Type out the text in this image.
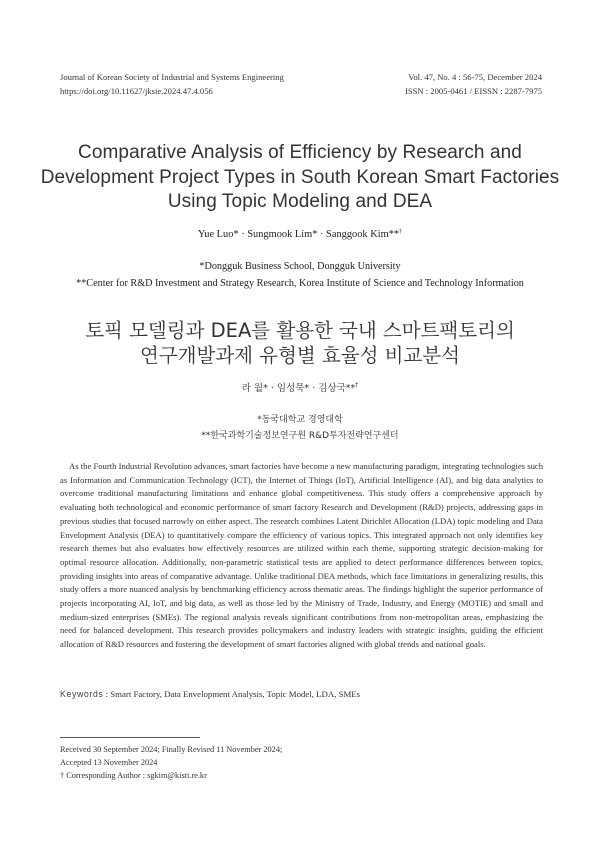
Journal of Korean Society of Industrial and Systems Engineering
https://doi.org/10.11627/jksie.2024.47.4.056
Vol. 47, No. 4 : 56-75, December 2024
ISSN : 2005-0461 / EISSN : 2287-7975
Comparative Analysis of Efficiency by Research and
Development Project Types in South Korean Smart Factories
Using Topic Modeling and DEA
Yue Luo* · Sungmook Lim* · Sanggook Kim**†
*Dongguk Business School, Dongguk University
**Center for R&D Investment and Strategy Research, Korea Institute of Science and Technology Information
토픽 모델링과 DEA를 활용한 국내 스마트팩토리의
연구개발과제 유형별 효율성 비교분석
라 월* · 임성묵* · 김상국**†
*동국대학교 경영대학
**한국과학기술정보연구원 R&D투자전략연구센터

As the Fourth Industrial Revolution advances, smart factories have become a new manufacturing paradigm, integrating technologies such as Information and Communication Technology (ICT), the Internet of Things (IoT), Artificial Intelligence (AI), and big data analytics to overcome traditional manufacturing limitations and enhance global competitiveness. This study offers a comprehensive approach by evaluating both technological and economic performance of smart factory Research and Development (R&D) projects, addressing gaps in previous studies that focused narrowly on either aspect. The research combines Latent Dirichlet Allocation (LDA) topic modeling and Data Envelopment Analysis (DEA) to quantitatively compare the efficiency of various topics. This integrated approach not only identifies key research themes but also evaluates how effectively resources are utilized within each theme, supporting strategic decision-making for optimal resource allocation. Additionally, non-parametric statistical tests are applied to detect performance differences between topics, providing insights into areas of comparative advantage. Unlike traditional DEA methods, which face limitations in generalizing results, this study offers a more nuanced analysis by benchmarking efficiency across thematic areas. The findings highlight the superior performance of projects incorporating AI, IoT, and big data, as well as those led by the Ministry of Trade, Industry, and Energy (MOTIE) and small and medium-sized enterprises (SMEs). The regional analysis reveals significant contributions from non-metropolitan areas, emphasizing the need for balanced development. This research provides policymakers and industry leaders with strategic insights, guiding the efficient allocation of R&D resources and fostering the development of smart factories aligned with global trends and national goals.

Keywords : Smart Factory, Data Envelopment Analysis, Topic Model, LDA, SMEs
Received 30 September 2024; Finally Revised 11 November 2024;
Accepted 13 November 2024
† Corresponding Author : sgkim@kisti.re.kr
